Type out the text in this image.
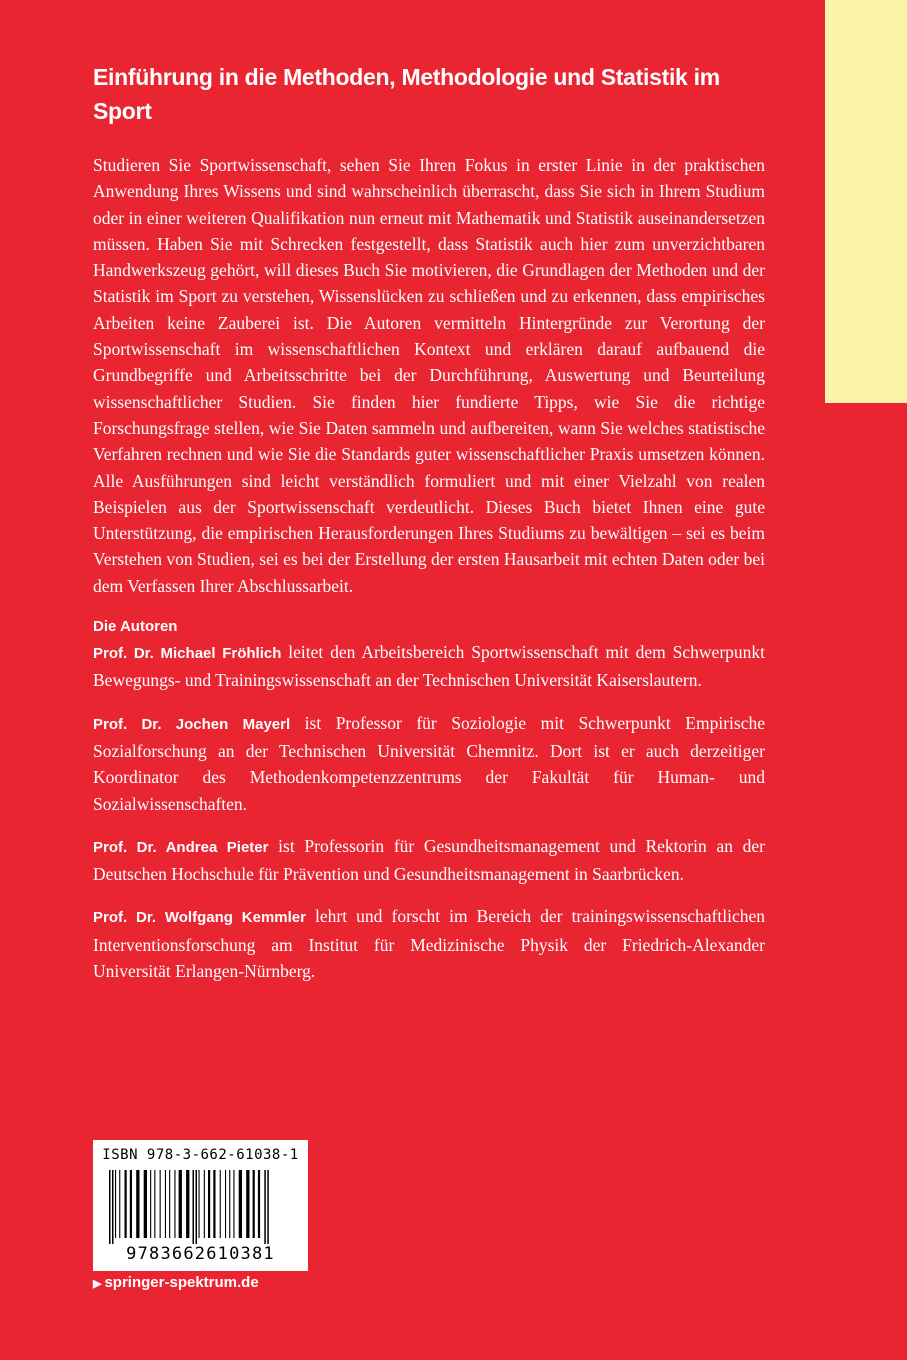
Einführung in die Methoden, Methodologie und Statistik im Sport

Studieren Sie Sportwissenschaft, sehen Sie Ihren Fokus in erster Linie in der praktischen Anwendung Ihres Wissens und sind wahrscheinlich überrascht, dass Sie sich in Ihrem Studium oder in einer weiteren Qualifikation nun erneut mit Mathematik und Statistik auseinandersetzen müssen. Haben Sie mit Schrecken festgestellt, dass Statistik auch hier zum unverzichtbaren Handwerkszeug gehört, will dieses Buch Sie motivieren, die Grundlagen der Methoden und der Statistik im Sport zu verstehen, Wissenslücken zu schließen und zu erkennen, dass empirisches Arbeiten keine Zauberei ist. Die Autoren vermitteln Hintergründe zur Verortung der Sportwissenschaft im wissenschaftlichen Kontext und erklären darauf aufbauend die Grundbegriffe und Arbeitsschritte bei der Durchführung, Auswertung und Beurteilung wissenschaftlicher Studien. Sie finden hier fundierte Tipps, wie Sie die richtige Forschungsfrage stellen, wie Sie Daten sammeln und aufbereiten, wann Sie welches statistische Verfahren rechnen und wie Sie die Standards guter wissenschaftlicher Praxis umsetzen können. Alle Ausführungen sind leicht verständlich formuliert und mit einer Vielzahl von realen Beispielen aus der Sportwissenschaft verdeutlicht. Dieses Buch bietet Ihnen eine gute Unterstützung, die empirischen Herausforderungen Ihres Studiums zu bewältigen – sei es beim Verstehen von Studien, sei es bei der Erstellung der ersten Hausarbeit mit echten Daten oder bei dem Verfassen Ihrer Abschlussarbeit.

Die Autoren

Prof. Dr. Michael Fröhlich leitet den Arbeitsbereich Sportwissenschaft mit dem Schwerpunkt Bewegungs- und Trainingswissenschaft an der Technischen Universität Kaiserslautern.

Prof. Dr. Jochen Mayerl ist Professor für Soziologie mit Schwerpunkt Empirische Sozialforschung an der Technischen Universität Chemnitz. Dort ist er auch derzeitiger Koordinator des Methodenkompetenzzentrums der Fakultät für Human- und Sozialwissenschaften.

Prof. Dr. Andrea Pieter ist Professorin für Gesundheitsmanagement und Rektorin an der Deutschen Hochschule für Prävention und Gesundheitsmanagement in Saarbrücken.

Prof. Dr. Wolfgang Kemmler lehrt und forscht im Bereich der trainingswissenschaftlichen Interventionsforschung am Institut für Medizinische Physik der Friedrich-Alexander Universität Erlangen-Nürnberg.

ISBN 978-3-662-61038-1
9783662610381
▶ springer-spektrum.de
